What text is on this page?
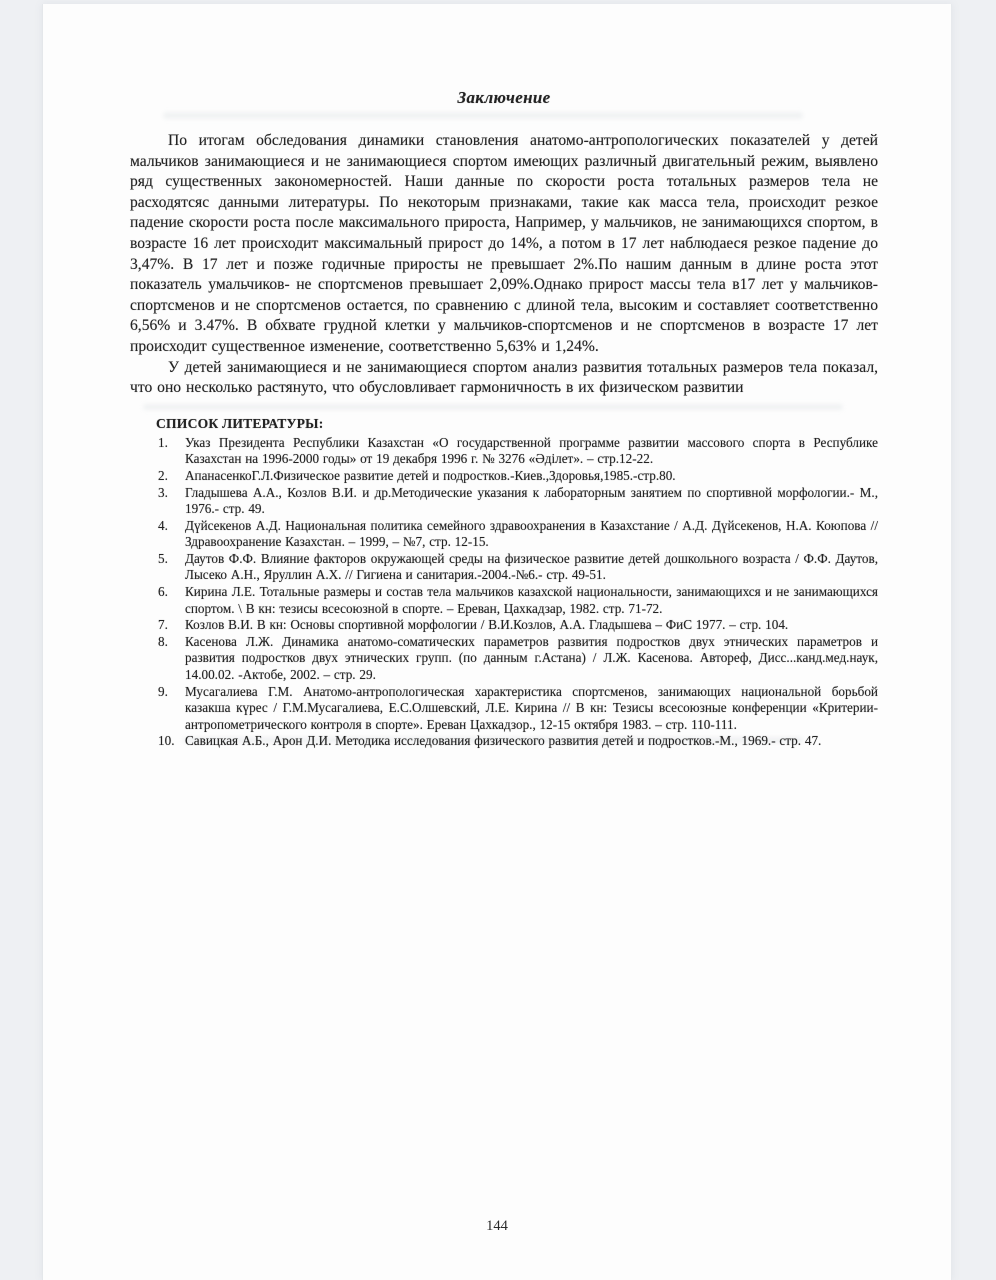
Заключение

По итогам обследования динамики становления анатомо-антропологических показателей у детей мальчиков занимающиеся и не занимающиеся спортом имеющих различный двигательный режим, выявлено ряд существенных закономерностей. Наши данные по скорости роста тотальных размеров тела не расходятсяс данными литературы. По некоторым признаками, такие как масса тела, происходит резкое падение скорости роста после максимального прироста, Например, у мальчиков, не занимающихся спортом, в возрасте 16 лет происходит максимальный прирост до 14%, а потом в 17 лет наблюдаеся резкое падение до 3,47%. В 17 лет и позже годичные приросты не превышает 2%.По нашим данным в длине роста этот показатель умальчиков- не спортсменов превышает 2,09%.Однако прирост массы тела в17 лет у мальчиков-спортсменов и не спортсменов остается, по сравнению с длиной тела, высоким и составляет соответственно 6,56% и 3.47%. В обхвате грудной клетки у мальчиков-спортсменов и не спортсменов в возрасте 17 лет происходит существенное изменение, соответственно 5,63% и 1,24%.

У детей занимающиеся и не занимающиеся спортом анализ развития тотальных размеров тела показал, что оно несколько растянуто, что обусловливает гармоничность в их физическом развитии

СПИСОК ЛИТЕРАТУРЫ:
1.	Указ Президента Республики Казахстан «О государственной программе развитии массового спорта в Республике Казахстан на 1996-2000 годы» от 19 декабря 1996 г. № 3276 «Әділет». – стр.12-22.
2.	АпанасенкоГ.Л.Физическое развитие детей и подростков.-Киев.,Здоровья,1985.-стр.80.
3.	Гладышева А.А., Козлов В.И. и др.Методические указания к лабораторным занятием по спортивной морфологии.- М., 1976.- стр. 49.
4.	Дүйсекенов А.Д. Национальная политика семейного здравоохранения в Казахстание / А.Д. Дүйсекенов, Н.А. Коюпова // Здравоохранение Казахстан. – 1999, – №7, стр. 12-15.
5.	Даутов Ф.Ф. Влияние факторов окружающей среды на физическое развитие детей дошкольного возраста / Ф.Ф. Даутов, Лысеко А.Н., Яруллин А.Х. // Гигиена и санитария.-2004.-№6.- стр. 49-51.
6.	Кирина Л.Е. Тотальные размеры и состав тела мальчиков казахской национальности, занимающихся и не занимающихся спортом. \ В кн: тезисы всесоюзной в спорте. – Ереван, Цахкадзар, 1982. стр. 71-72.
7.	Козлов В.И. В кн: Основы спортивной морфологии / В.И.Козлов, А.А. Гладышева – ФиС 1977. – стр. 104.
8.	Касенова Л.Ж. Динамика анатомо-соматических параметров развития подростков двух этнических параметров и развития подростков двух этнических групп. (по данным г.Астана) / Л.Ж. Касенова. Автореф, Дисс...канд.мед.наук, 14.00.02. -Актобе, 2002. – стр. 29.
9.	Мусагалиева Г.М. Анатомо-антропологическая характеристика спортсменов, занимающих национальной борьбой казакша күрес / Г.М.Мусагалиева, Е.С.Олшевский, Л.Е. Кирина // В кн: Тезисы всесоюзные конференции «Критерии-антропометрического контроля в спорте». Ереван Цахкадзор., 12-15 октября 1983. – стр. 110-111.
10. Савицкая А.Б., Арон Д.И. Методика исследования физического развития детей и подростков.-М., 1969.- стр. 47.
144
